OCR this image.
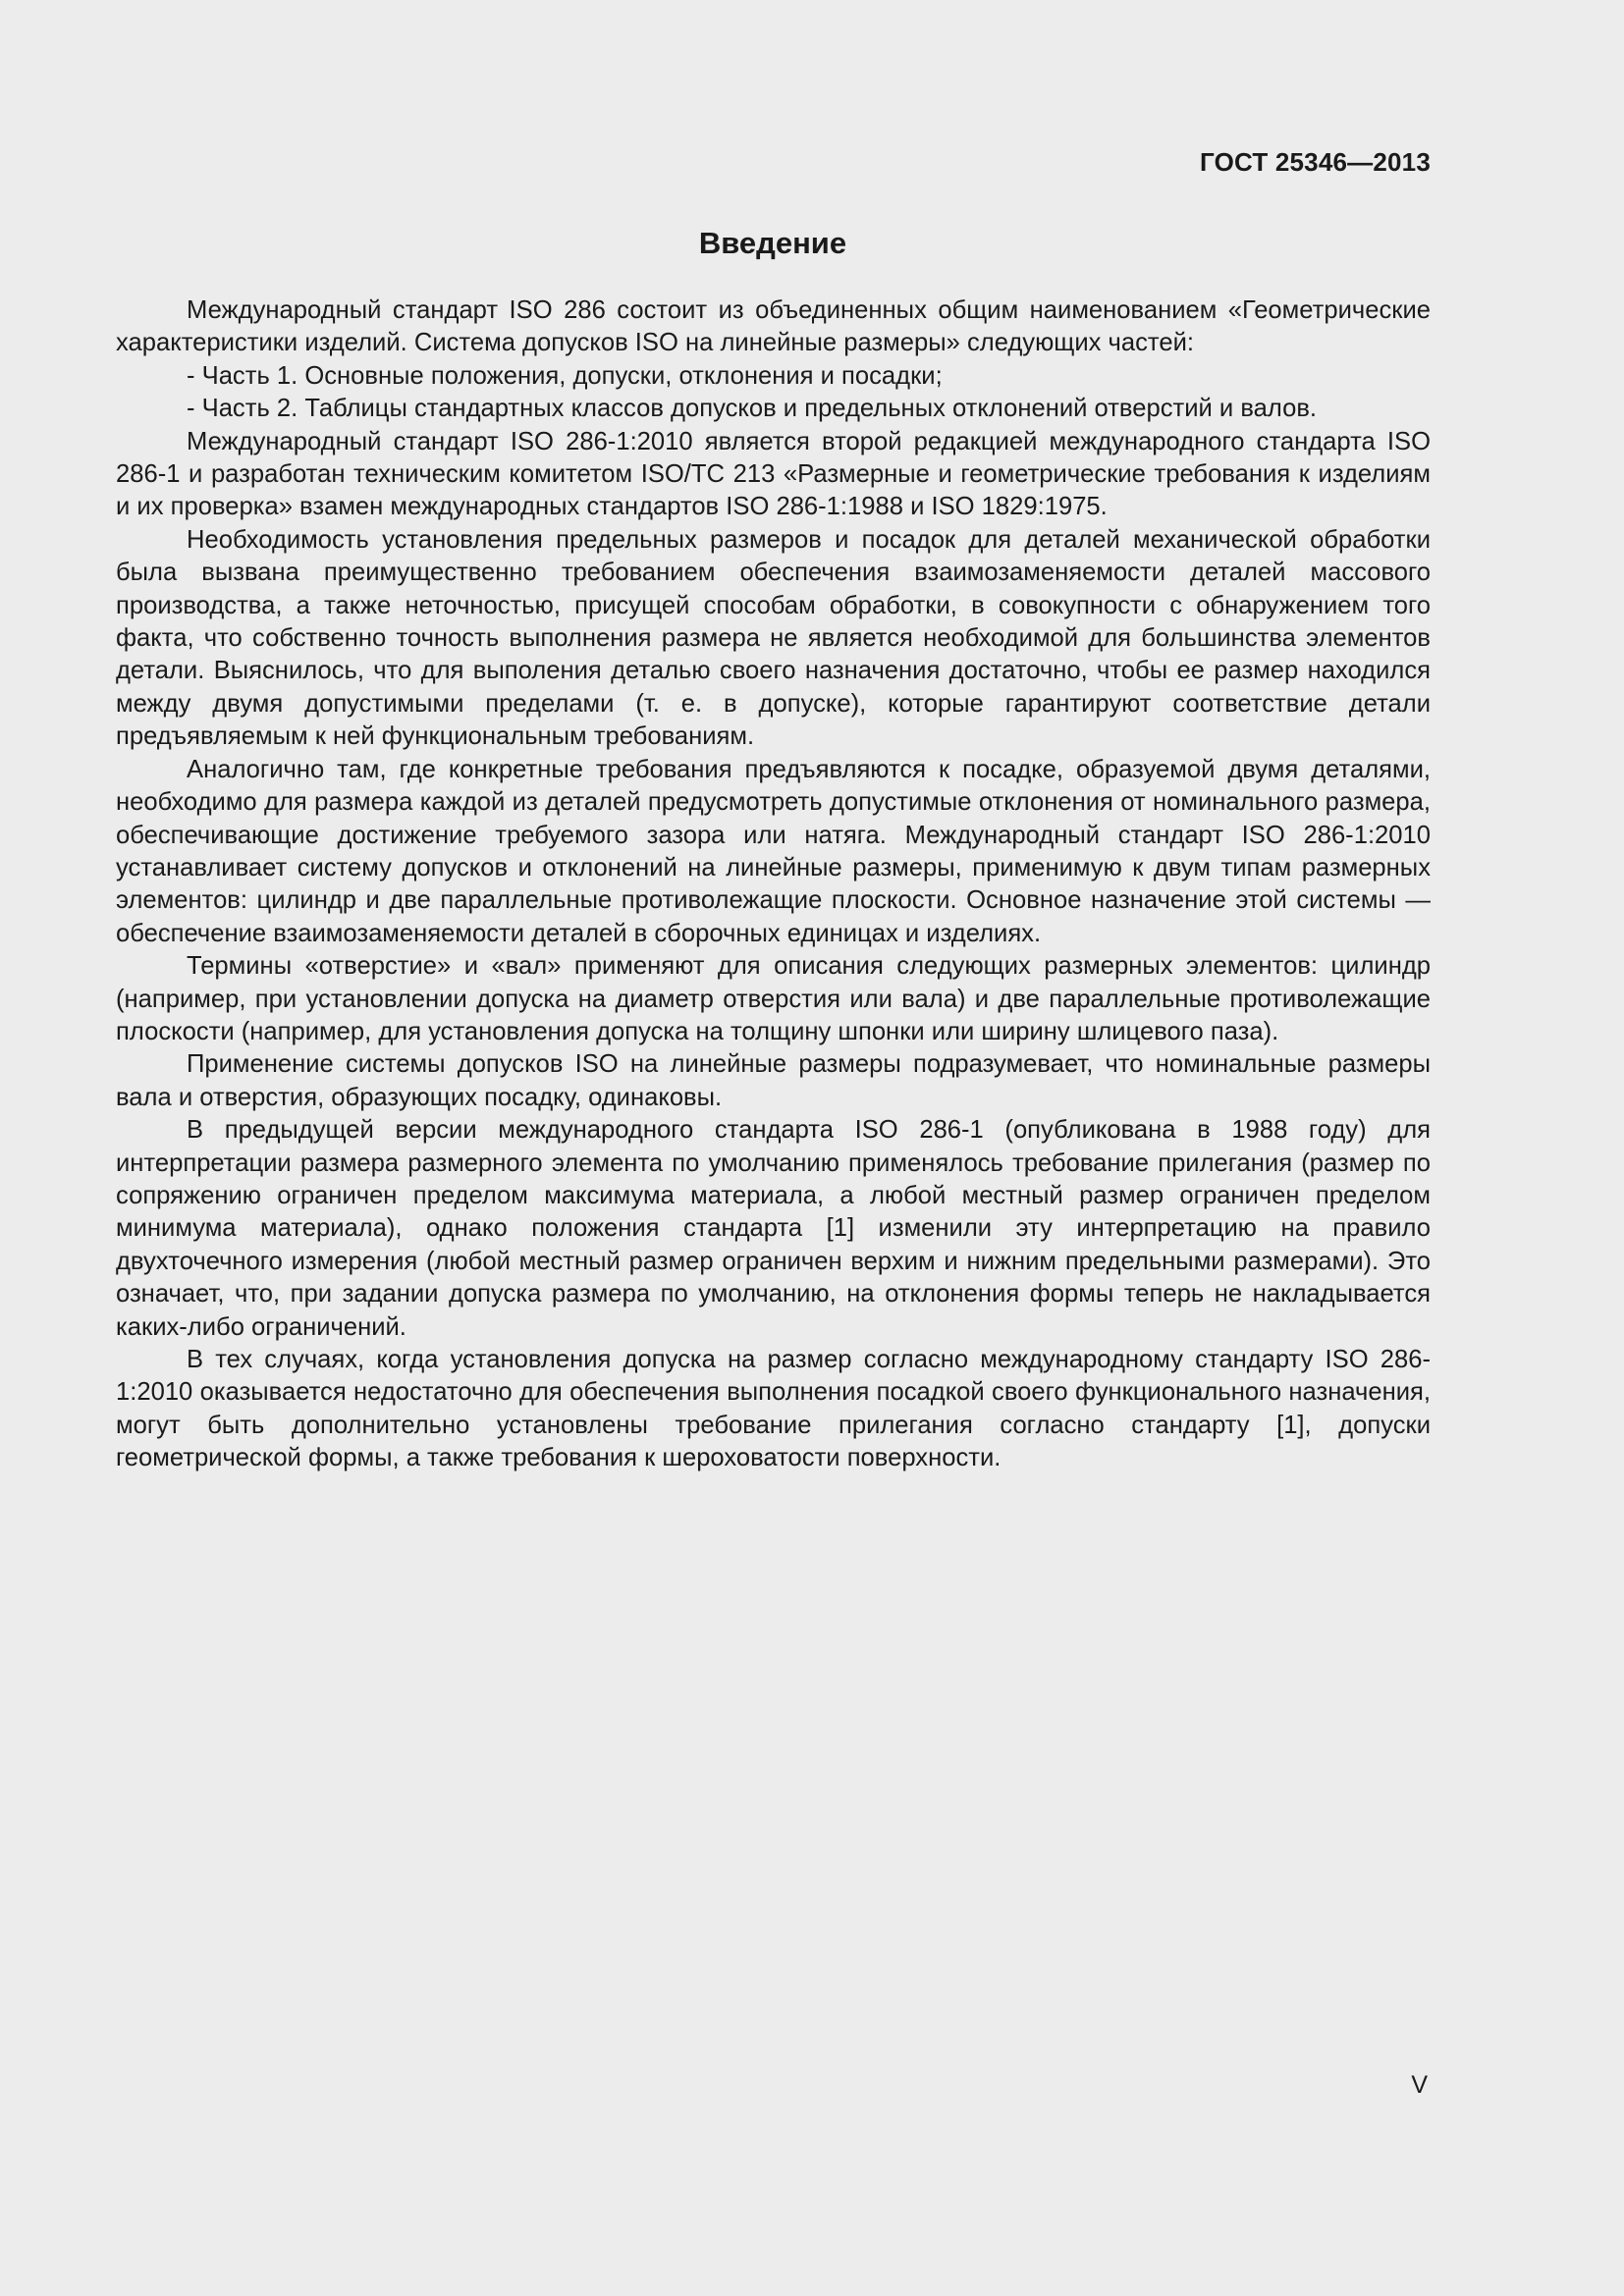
ГОСТ 25346—2013
Введение

Международный стандарт ISO 286 состоит из объединенных общим наименованием «Геометрические характеристики изделий. Система допусков ISO на линейные размеры» следующих частей:

- Часть 1. Основные положения, допуски, отклонения и посадки;

- Часть 2. Таблицы стандартных классов допусков и предельных отклонений отверстий и валов.

Международный стандарт ISO 286-1:2010 является второй редакцией международного стандарта ISO 286-1 и разработан техническим комитетом ISO/TC 213 «Размерные и геометрические требования к изделиям и их проверка» взамен международных стандартов ISO 286-1:1988 и ISO 1829:1975.

Необходимость установления предельных размеров и посадок для деталей механической обработки была вызвана преимущественно требованием обеспечения взаимозаменяемости деталей массового производства, а также неточностью, присущей способам обработки, в совокупности с обнаружением того факта, что собственно точность выполнения размера не является необходимой для большинства элементов детали. Выяснилось, что для выполения деталью своего назначения достаточно, чтобы ее размер находился между двумя допустимыми пределами (т. е. в допуске), которые гарантируют соответствие детали предъявляемым к ней функциональным требованиям.

Аналогично там, где конкретные требования предъявляются к посадке, образуемой двумя деталями, необходимо для размера каждой из деталей предусмотреть допустимые отклонения от номинального размера, обеспечивающие достижение требуемого зазора или натяга. Международный стандарт ISO 286-1:2010 устанавливает систему допусков и отклонений на линейные размеры, применимую к двум типам размерных элементов: цилиндр и две параллельные противолежащие плоскости. Основное назначение этой системы — обеспечение взаимозаменяемости деталей в сборочных единицах и изделиях.

Термины «отверстие» и «вал» применяют для описания следующих размерных элементов: цилиндр (например, при установлении допуска на диаметр отверстия или вала) и две параллельные противолежащие плоскости (например, для установления допуска на толщину шпонки или ширину шлицевого паза).

Применение системы допусков ISO на линейные размеры подразумевает, что номинальные размеры вала и отверстия, образующих посадку, одинаковы.

В предыдущей версии международного стандарта ISO 286-1 (опубликована в 1988 году) для интерпретации размера размерного элемента по умолчанию применялось требование прилегания (размер по сопряжению ограничен пределом максимума материала, а любой местный размер ограничен пределом минимума материала), однако положения стандарта [1] изменили эту интерпретацию на правило двухточечного измерения (любой местный размер ограничен верхим и нижним предельными размерами). Это означает, что, при задании допуска размера по умолчанию, на отклонения формы теперь не накладывается каких-либо ограничений.

В тех случаях, когда установления допуска на размер согласно международному стандарту ISO 286-1:2010 оказывается недостаточно для обеспечения выполнения посадкой своего функционального назначения, могут быть дополнительно установлены требование прилегания согласно стандарту [1], допуски геометрической формы, а также требования к шероховатости поверхности.

V
